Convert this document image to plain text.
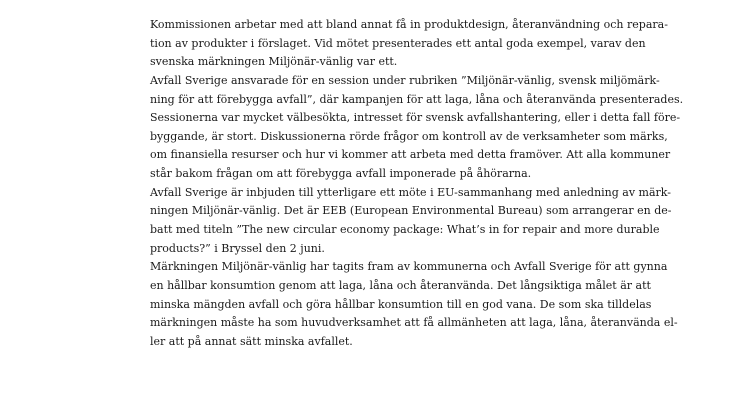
Kommissionen arbetar med att bland annat få in produktdesign, återanvändning och repara-
tion av produkter i förslaget. Vid mötet presenterades ett antal goda exempel, varav den
svenska märkningen Miljönär-vänlig var ett.
Avfall Sverige ansvarade för en session under rubriken ”Miljönär-vänlig, svensk miljömärk-
ning för att förebygga avfall”, där kampanjen för att laga, låna och återanvända presenterades.
Sessionerna var mycket välbesökta, intresset för svensk avfallshantering, eller i detta fall före-
byggande, är stort. Diskussionerna rörde frågor om kontroll av de verksamheter som märks,
om finansiella resurser och hur vi kommer att arbeta med detta framöver. Att alla kommuner
står bakom frågan om att förebygga avfall imponerade på åhörarna.
Avfall Sverige är inbjuden till ytterligare ett möte i EU-sammanhang med anledning av märk-
ningen Miljönär-vänlig. Det är EEB (European Environmental Bureau) som arrangerar en de-
batt med titeln ”The new circular economy package: What’s in for repair and more durable
products?” i Bryssel den 2 juni.
Märkningen Miljönär-vänlig har tagits fram av kommunerna och Avfall Sverige för att gynna
en hållbar konsumtion genom att laga, låna och återanvända. Det långsiktiga målet är att
minska mängden avfall och göra hållbar konsumtion till en god vana. De som ska tilldelas
märkningen måste ha som huvudverksamhet att få allmänheten att laga, låna, återanvända el-
ler att på annat sätt minska avfallet.
